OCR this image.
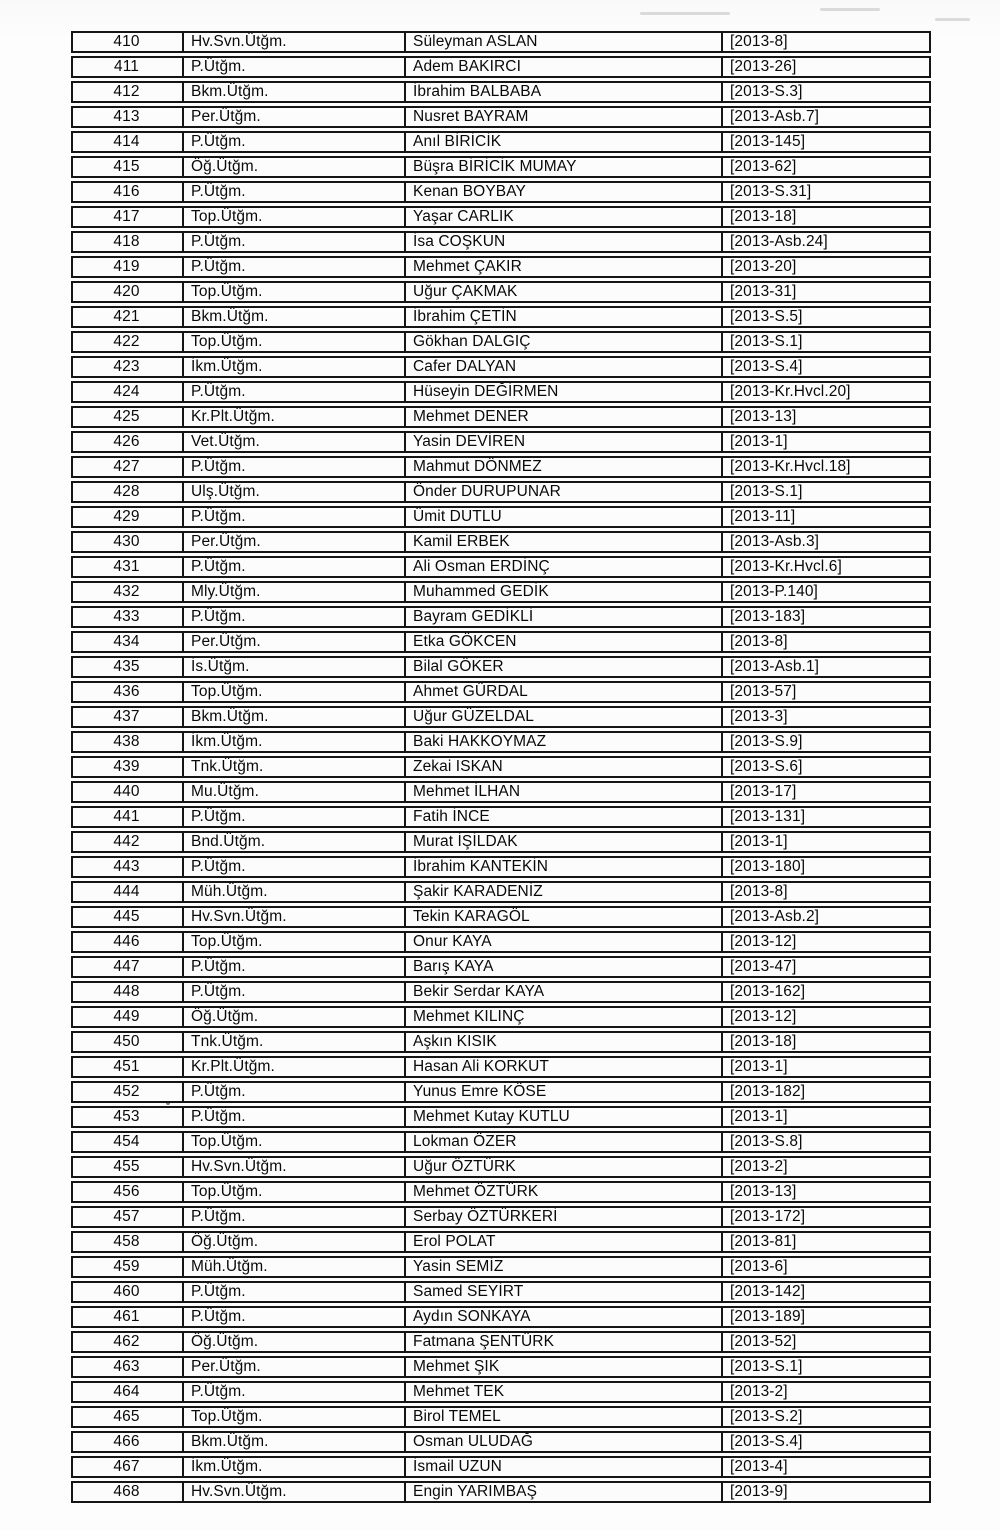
410	Hv.Svn.Ütğm.	Süleyman ASLAN	[2013-8]
411	P.Ütğm.	Adem BAKIRCI	[2013-26]
412	Bkm.Ütğm.	İbrahim BALBABA	[2013-S.3]
413	Per.Ütğm.	Nusret BAYRAM	[2013-Asb.7]
414	P.Ütğm.	Anıl BİRİCİK	[2013-145]
415	Öğ.Ütğm.	Büşra BİRİCİK MUMAY	[2013-62]
416	P.Ütğm.	Kenan BOYBAY	[2013-S.31]
417	Top.Ütğm.	Yaşar CARLIK	[2013-18]
418	P.Ütğm.	İsa COŞKUN	[2013-Asb.24]
419	P.Ütğm.	Mehmet ÇAKIR	[2013-20]
420	Top.Ütğm.	Uğur ÇAKMAK	[2013-31]
421	Bkm.Ütğm.	İbrahim ÇETİN	[2013-S.5]
422	Top.Ütğm.	Gökhan DALGIÇ	[2013-S.1]
423	İkm.Ütğm.	Cafer DALYAN	[2013-S.4]
424	P.Ütğm.	Hüseyin DEĞİRMEN	[2013-Kr.Hvcl.20]
425	Kr.Plt.Ütğm.	Mehmet DENER	[2013-13]
426	Vet.Ütğm.	Yasin DEVİREN	[2013-1]
427	P.Ütğm.	Mahmut DÖNMEZ	[2013-Kr.Hvcl.18]
428	Ulş.Ütğm.	Önder DURUPUNAR	[2013-S.1]
429	P.Ütğm.	Ümit DUTLU	[2013-11]
430	Per.Ütğm.	Kamil ERBEK	[2013-Asb.3]
431	P.Ütğm.	Ali Osman ERDİNÇ	[2013-Kr.Hvcl.6]
432	Mly.Ütğm.	Muhammed GEDİK	[2013-P.140]
433	P.Ütğm.	Bayram GEDİKLİ	[2013-183]
434	Per.Ütğm.	Etka GÖKCEN	[2013-8]
435	İs.Ütğm.	Bilal GÖKER	[2013-Asb.1]
436	Top.Ütğm.	Ahmet GÜRDAL	[2013-57]
437	Bkm.Ütğm.	Uğur GÜZELDAL	[2013-3]
438	İkm.Ütğm.	Baki HAKKOYMAZ	[2013-S.9]
439	Tnk.Ütğm.	Zekai ISKAN	[2013-S.6]
440	Mu.Ütğm.	Mehmet İLHAN	[2013-17]
441	P.Ütğm.	Fatih İNCE	[2013-131]
442	Bnd.Ütğm.	Murat İŞİLDAK	[2013-1]
443	P.Ütğm.	İbrahim KANTEKİN	[2013-180]
444	Müh.Ütğm.	Şakir KARADENİZ	[2013-8]
445	Hv.Svn.Ütğm.	Tekin KARAGÖL	[2013-Asb.2]
446	Top.Ütğm.	Onur KAYA	[2013-12]
447	P.Ütğm.	Barış KAYA	[2013-47]
448	P.Ütğm.	Bekir Serdar KAYA	[2013-162]
449	Öğ.Ütğm.	Mehmet KILINÇ	[2013-12]
450	Tnk.Ütğm.	Aşkın KISIK	[2013-18]
451	Kr.Plt.Ütğm.	Hasan Ali KORKUT	[2013-1]
452	P.Ütğm.	Yunus Emre KÖSE	[2013-182]
453	P.Ütğm.	Mehmet Kutay KUTLU	[2013-1]
454	Top.Ütğm.	Lokman ÖZER	[2013-S.8]
455	Hv.Svn.Ütğm.	Uğur ÖZTÜRK	[2013-2]
456	Top.Ütğm.	Mehmet ÖZTÜRK	[2013-13]
457	P.Ütğm.	Serbay ÖZTÜRKERİ	[2013-172]
458	Öğ.Ütğm.	Erol POLAT	[2013-81]
459	Müh.Ütğm.	Yasin SEMİZ	[2013-6]
460	P.Ütğm.	Samed SEYİRT	[2013-142]
461	P.Ütğm.	Aydın SONKAYA	[2013-189]
462	Öğ.Ütğm.	Fatmana ŞENTÜRK	[2013-52]
463	Per.Ütğm.	Mehmet ŞIK	[2013-S.1]
464	P.Ütğm.	Mehmet TEK	[2013-2]
465	Top.Ütğm.	Birol TEMEL	[2013-S.2]
466	Bkm.Ütğm.	Osman ULUDAĞ	[2013-S.4]
467	İkm.Ütğm.	İsmail UZUN	[2013-4]
468	Hv.Svn.Ütğm.	Engin YARIMBAŞ	[2013-9]
